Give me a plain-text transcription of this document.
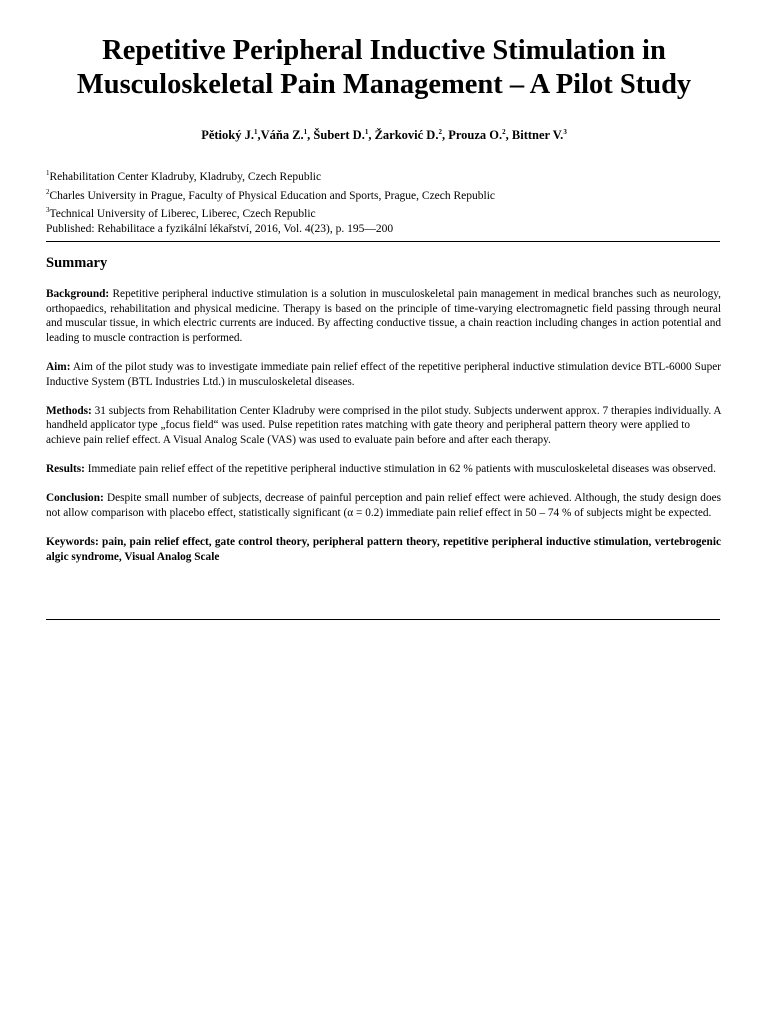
Repetitive Peripheral Inductive Stimulation in
Musculoskeletal Pain Management – A Pilot Study
Pětioký J.$^1$,Váňa Z.$^1$, Šubert D.$^1$, Žarković D.$^2$, Prouza O.$^2$, Bittner V.$^3$
$^1$Rehabilitation Center Kladruby, Kladruby, Czech Republic
$^2$Charles University in Prague, Faculty of Physical Education and Sports, Prague, Czech Republic
$^3$Technical University of Liberec, Liberec, Czech Republic
Published: Rehabilitace a fyzikální lékařství, 2016, Vol. 4(23), p. 195—200
Summary

Background: Repetitive peripheral inductive stimulation is a solution in musculoskeletal pain management in medical branches such as neurology, orthopaedics, rehabilitation and physical medicine. Therapy is based on the principle of time-varying electromagnetic field passing through neural and muscular tissue, in which electric currents are induced. By affecting conductive tissue, a chain reaction including changes in action potential and leading to muscle contraction is performed.

Aim: Aim of the pilot study was to investigate immediate pain relief effect of the repetitive peripheral inductive stimulation device BTL-6000 Super Inductive System (BTL Industries Ltd.) in musculoskeletal diseases.

Methods: 31 subjects from Rehabilitation Center Kladruby were comprised in the pilot study. Subjects underwent approx. 7 therapies individually. A handheld applicator type „focus field“ was used. Pulse repetition rates matching with gate theory and peripheral pattern theory were applied to achieve pain relief effect. A Visual Analog Scale (VAS) was used to evaluate pain before and after each therapy.

Results: Immediate pain relief effect of the repetitive peripheral inductive stimulation in 62 % patients with musculoskeletal diseases was observed.

Conclusion: Despite small number of subjects, decrease of painful perception and pain relief effect were achieved. Although, the study design does not allow comparison with placebo effect, statistically significant (α = 0.2) immediate pain relief effect in 50 – 74 % of subjects might be expected.

Keywords: pain, pain relief effect, gate control theory, peripheral pattern theory, repetitive peripheral inductive stimulation, vertebrogenic algic syndrome, Visual Analog Scale
